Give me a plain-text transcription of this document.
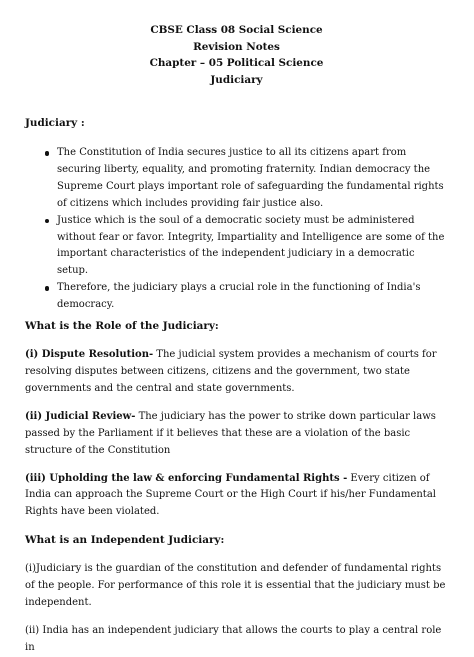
CBSE Class 08 Social Science
Revision Notes
Chapter – 05 Political Science
Judiciary
Judiciary :
The Constitution of India secures justice to all its citizens apart from securing liberty, equality, and promoting fraternity. Indian democracy the Supreme Court plays important role of safeguarding the fundamental rights of citizens which includes providing fair justice also.
Justice which is the soul of a democratic society must be administered without fear or favor. Integrity, Impartiality and Intelligence are some of the important characteristics of the independent judiciary in a democratic setup.
Therefore, the judiciary plays a crucial role in the functioning of India's democracy.
What is the Role of the Judiciary:

(i) Dispute Resolution- The judicial system provides a mechanism of courts for resolving disputes between citizens, citizens and the government, two state governments and the central and state governments.

(ii) Judicial Review- The judiciary has the power to strike down particular laws passed by the Parliament if it believes that these are a violation of the basic structure of the Constitution

(iii) Upholding the law & enforcing Fundamental Rights - Every citizen of India can approach the Supreme Court or the High Court if his/her Fundamental Rights have been violated.

What is an Independent Judiciary:

(i)Judiciary is the guardian of the constitution and defender of fundamental rights of the people. For performance of this role it is essential that the judiciary must be independent.

(ii) India has an independent judiciary that allows the courts to play a central role in
